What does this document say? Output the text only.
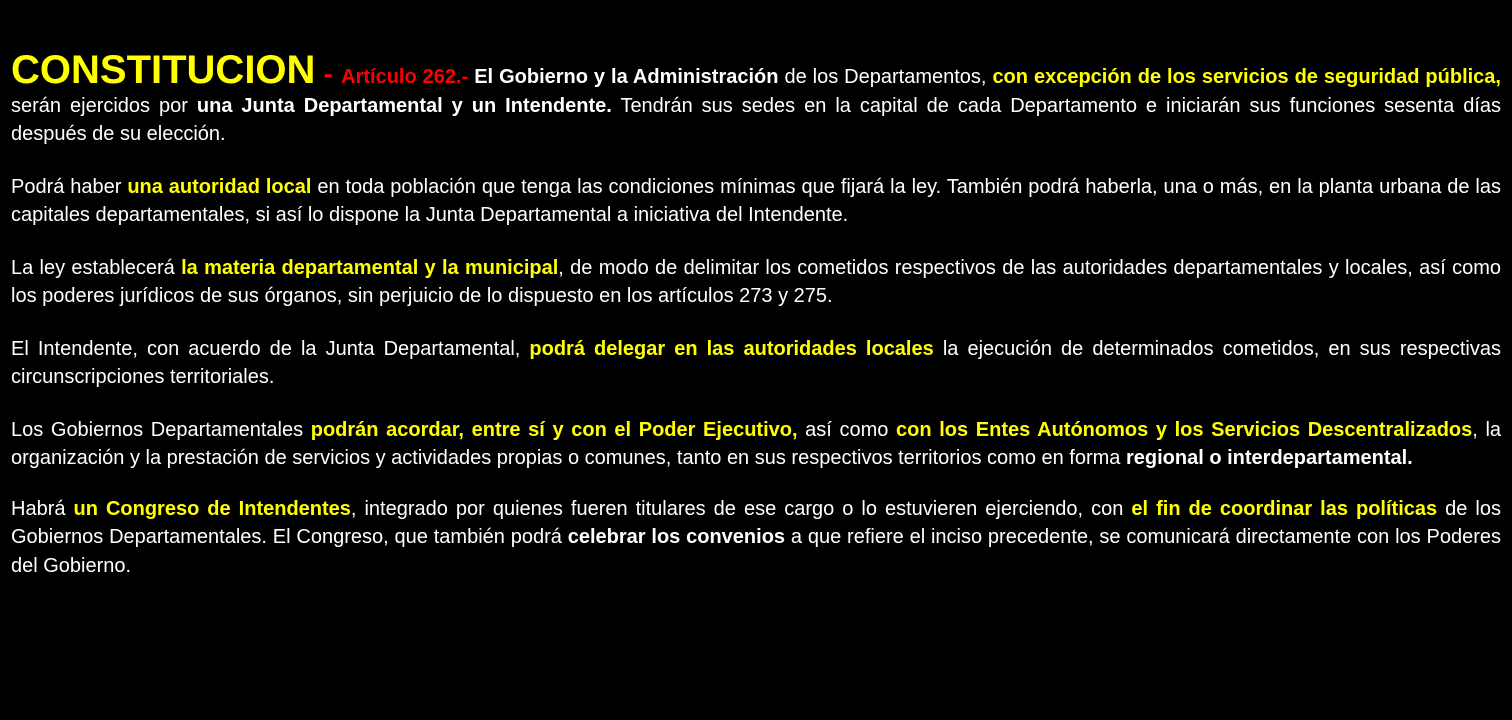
CONSTITUCION - Artículo 262.- El Gobierno y la Administración de los Departamentos, con excepción de los servicios de seguridad pública, serán ejercidos por una Junta Departamental y un Intendente. Tendrán sus sedes en la capital de cada Departamento e iniciarán sus funciones sesenta días después de su elección.

Podrá haber una autoridad local en toda población que tenga las condiciones mínimas que fijará la ley. También podrá haberla, una o más, en la planta urbana de las capitales departamentales, si así lo dispone la Junta Departamental a iniciativa del Intendente.

La ley establecerá la materia departamental y la municipal, de modo de delimitar los cometidos respectivos de las autoridades departamentales y locales, así como los poderes jurídicos de sus órganos, sin perjuicio de lo dispuesto en los artículos 273 y 275.

El Intendente, con acuerdo de la Junta Departamental, podrá delegar en las autoridades locales la ejecución de determinados cometidos, en sus respectivas circunscripciones territoriales.

Los Gobiernos Departamentales podrán acordar, entre sí y con el Poder Ejecutivo, así como con los Entes Autónomos y los Servicios Descentralizados, la organización y la prestación de servicios y actividades propias o comunes, tanto en sus respectivos territorios como en forma regional o interdepartamental.

Habrá un Congreso de Intendentes, integrado por quienes fueren titulares de ese cargo o lo estuvieren ejerciendo, con el fin de coordinar las políticas de los Gobiernos Departamentales. El Congreso, que también podrá celebrar los convenios a que refiere el inciso precedente, se comunicará directamente con los Poderes del Gobierno.
